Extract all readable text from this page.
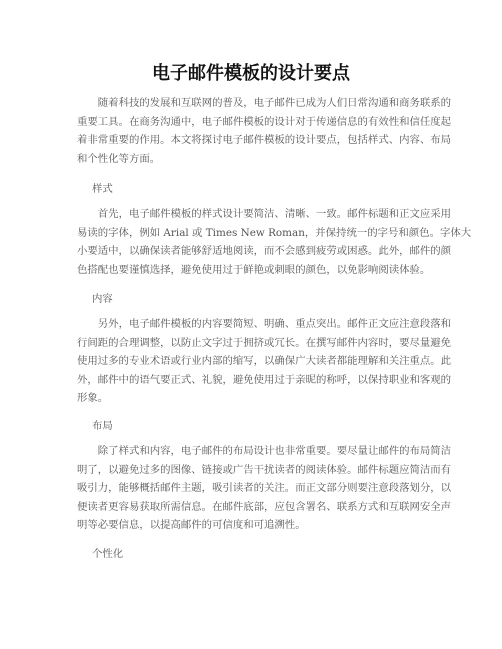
电子邮件模板的设计要点

随着科技的发展和互联网的普及，电子邮件已成为人们日常沟通和商务联系的
重要工具。在商务沟通中，电子邮件模板的设计对于传递信息的有效性和信任度起
着非常重要的作用。本文将探讨电子邮件模板的设计要点，包括样式、内容、布局
和个性化等方面。

样式

首先，电子邮件模板的样式设计要简洁、清晰、一致。邮件标题和正文应采用
易读的字体，例如 Arial 或 Times New Roman，并保持统一的字号和颜色。字体大
小要适中，以确保读者能够舒适地阅读，而不会感到疲劳或困惑。此外，邮件的颜
色搭配也要谨慎选择，避免使用过于鲜艳或刺眼的颜色，以免影响阅读体验。

内容

另外，电子邮件模板的内容要简短、明确、重点突出。邮件正文应注意段落和
行间距的合理调整，以防止文字过于拥挤或冗长。在撰写邮件内容时，要尽量避免
使用过多的专业术语或行业内部的缩写，以确保广大读者都能理解和关注重点。此
外，邮件中的语气要正式、礼貌，避免使用过于亲昵的称呼，以保持职业和客观的
形象。

布局

除了样式和内容，电子邮件的布局设计也非常重要。要尽量让邮件的布局简洁
明了，以避免过多的图像、链接或广告干扰读者的阅读体验。邮件标题应简洁而有
吸引力，能够概括邮件主题，吸引读者的关注。而正文部分则要注意段落划分，以
便读者更容易获取所需信息。在邮件底部，应包含署名、联系方式和互联网安全声
明等必要信息，以提高邮件的可信度和可追溯性。

个性化
